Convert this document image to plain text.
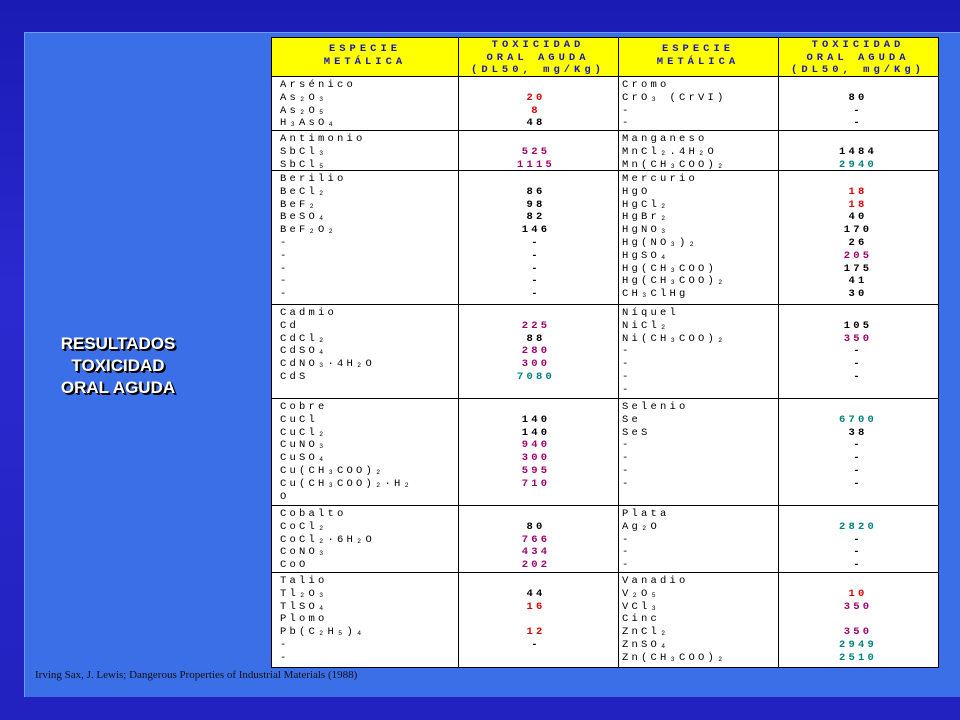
RESULTADOS
TOXICIDAD
ORAL AGUDA
ESPECIE
METÁLICA
TOXICIDAD
ORAL AGUDA
(DL50, mg/Kg)
ESPECIE
METÁLICA
TOXICIDAD
ORAL AGUDA
(DL50, mg/Kg)
Arsénico
As₂O₃
As₂O₅
H₃AsO₄
20
8
48
Cromo
CrO₃ (CrVI)
-
-
80
-
-
Antimonio
SbCl₃
SbCl₅
525
1115
Manganeso
MnCl₂.4H₂O
Mn(CH₃COO)₂
1484
2940
Berilio
BeCl₂
BeF₂
BeSO₄
BeF₂O₂
-
-
-
-
-
86
98
82
146
-
-
-
-
-
Mercurio
HgO
HgCl₂
HgBr₂
HgNO₃
Hg(NO₃)₂
HgSO₄
Hg(CH₃COO)
Hg(CH₃COO)₂
CH₃ClHg
18
18
40
170
26
205
175
41
30
Cadmio
Cd
CdCl₂
CdSO₄
CdNO₃·4H₂O
CdS
225
88
280
300
7080
Níquel
NiCl₂
Ni(CH₃COO)₂
-
-
-
-
105
350
-
-
-
Cobre
CuCl
CuCl₂
CuNO₃
CuSO₄
Cu(CH₃COO)₂
Cu(CH₃COO)₂·H₂
O
140
140
940
300
595
710
Selenio
Se
SeS
-
-
-
-
6700
38
-
-
-
-
Cobalto
CoCl₂
CoCl₂·6H₂O
CoNO₃
CoO
80
766
434
202
Plata
Ag₂O
-
-
-
2820
-
-
-
Talio
Tl₂O₃
TlSO₄
Plomo
Pb(C₂H₅)₄
-
-
44
16
12
-
Vanadio
V₂O₅
VCl₃
Cinc
ZnCl₂
ZnSO₄
Zn(CH₃COO)₂
10
350
350
2949
2510
Irving Sax, J. Lewis; Dangerous Properties of Industrial Materials (1988)
